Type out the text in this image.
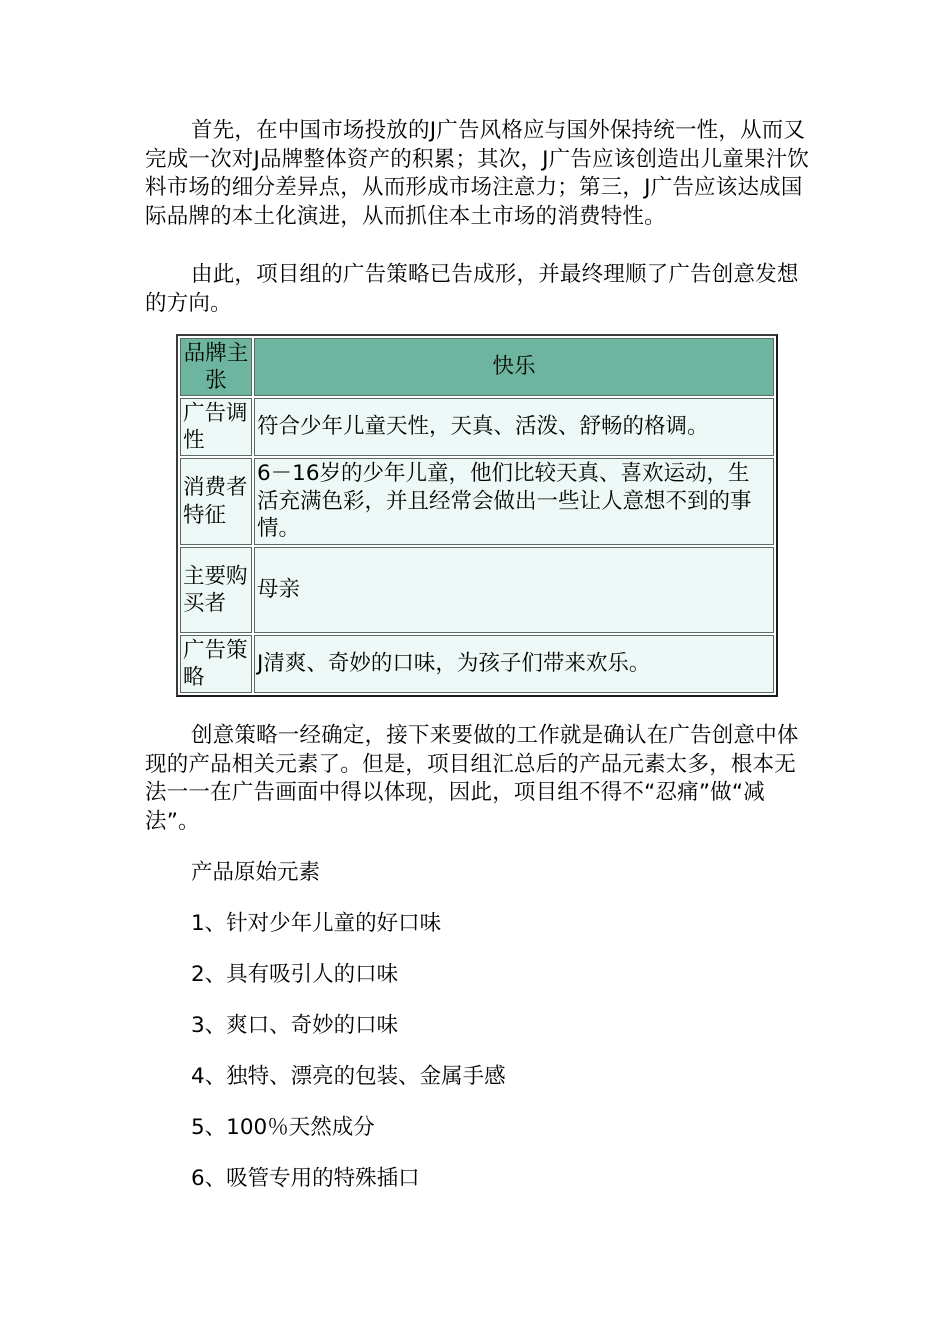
首先，在中国市场投放的J广告风格应与国外保持统一性，从而又完成一次对J品牌整体资产的积累；其次，J广告应该创造出儿童果汁饮料市场的细分差异点，从而形成市场注意力；第三，J广告应该达成国际品牌的本土化演进，从而抓住本土市场的消费特性。

由此，项目组的广告策略已告成形，并最终理顺了广告创意发想的方向。

品牌主张	快乐
广告调性	符合少年儿童天性，天真、活泼、舒畅的格调。
消费者特征	6－16岁的少年儿童，他们比较天真、喜欢运动，生活充满色彩，并且经常会做出一些让人意想不到的事情。
主要购买者	母亲
广告策略	J清爽、奇妙的口味，为孩子们带来欢乐。

创意策略一经确定，接下来要做的工作就是确认在广告创意中体现的产品相关元素了。但是，项目组汇总后的产品元素太多，根本无法一一在广告画面中得以体现，因此，项目组不得不“忍痛”做“减法”。

产品原始元素

1、针对少年儿童的好口味

2、具有吸引人的口味

3、爽口、奇妙的口味

4、独特、漂亮的包装、金属手感

5、100％天然成分

6、吸管专用的特殊插口
